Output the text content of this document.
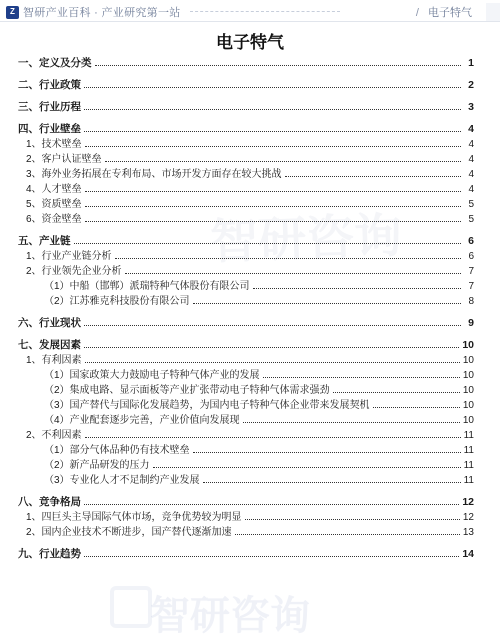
Z 智研产业百科 · 产业研究第一站	/ 电子特气
智研咨询
智研咨询
电子特气
一、定义及分类	1
二、行业政策	2
三、行业历程	3
四、行业壁垒	4
1、技术壁垒	4
2、客户认证壁垒	4
3、海外业务拓展在专利布局、市场开发方面存在较大挑战	4
4、人才壁垒	4
5、资质壁垒	5
6、资金壁垒	5
五、产业链	6
1、行业产业链分析	6
2、行业领先企业分析	7
（1）中船（邯郸）派瑞特种气体股份有限公司	7
（2）江苏雅克科技股份有限公司	8
六、行业现状	9
七、发展因素	10
1、有利因素	10
（1）国家政策大力鼓励电子特种气体产业的发展	10
（2）集成电路、显示面板等产业扩张带动电子特种气体需求强劲	10
（3）国产替代与国际化发展趋势，为国内电子特种气体企业带来发展契机	10
（4）产业配套逐步完善，产业价值向发展现	10
2、不利因素	11
（1）部分气体品种仍有技术壁垒	11
（2）新产品研发的压力	11
（3）专业化人才不足制约产业发展	11
八、竞争格局	12
1、四巨头主导国际气体市场，竞争优势较为明显	12
2、国内企业技术不断进步，国产替代逐渐加速	13
九、行业趋势	14
